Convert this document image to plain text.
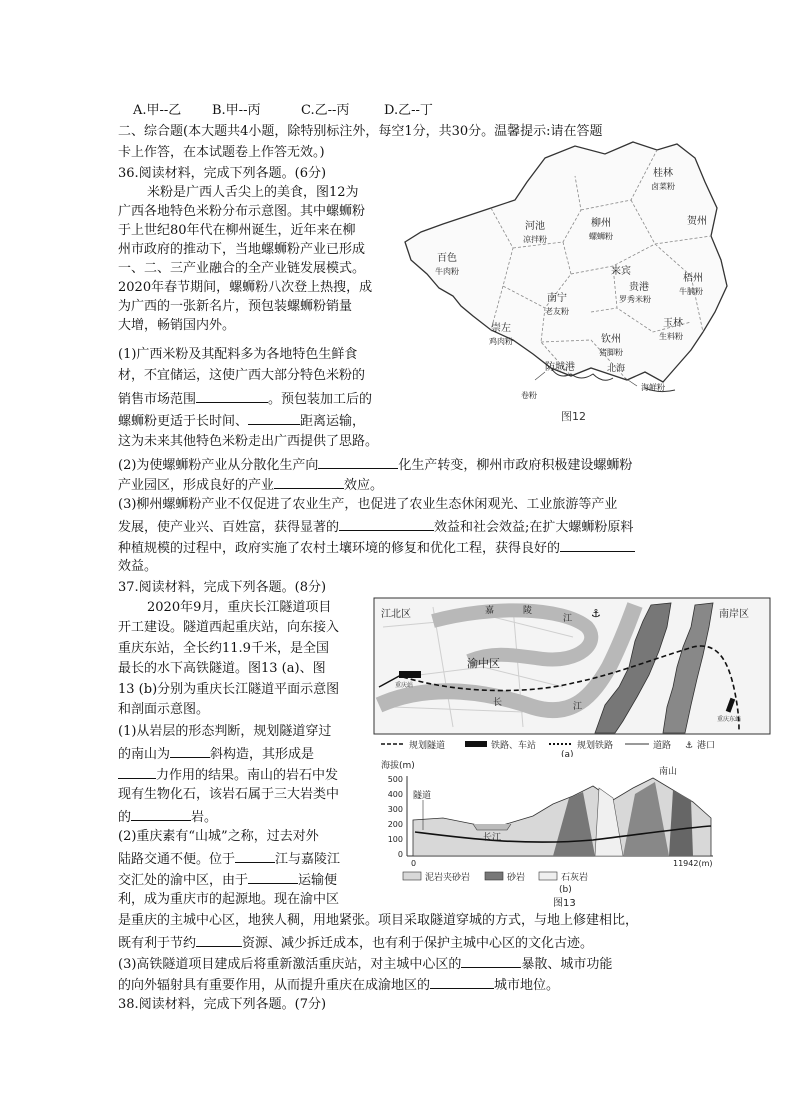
A.甲--乙 B.甲--丙	C.乙--丙	D.乙--丁
二、综合题(本大题共4小题，除特别标注外，每空1分，共30分。温馨提示:请在答题
卡上作答，在本试题卷上作答无效。)
36.阅读材料，完成下列各题。(6分)
米粉是广西人舌尖上的美食，图12为
广西各地特色米粉分布示意图。其中螺蛳粉
于上世纪80年代在柳州诞生，近年来在柳
州市政府的推动下，当地螺蛳粉产业已形成
一、二、三产业融合的全产业链发展模式。
2020年春节期间，螺蛳粉八次登上热搜，成
为广西的一张新名片，预包装螺蛳粉销量
大增，畅销国内外。
(1)广西米粉及其配料多为各地特色生鲜食
材，不宜储运，这使广西大部分特色米粉的
销售市场范围	。预包装加工后的
螺蛳粉更适于长时间、	距离运输，
这为未来其他特色米粉走出广西提供了思路。
(2)为使螺蛳粉产业从分散化生产向	化生产转变，柳州市政府积极建设螺蛳粉
产业园区，形成良好的产业	效应。
(3)柳州螺蛳粉产业不仅促进了农业生产，也促进了农业生态休闲观光、工业旅游等产业
发展，使产业兴、百姓富，获得显著的	效益和社会效益;在扩大螺蛳粉原料
种植规模的过程中，政府实施了农村土壤环境的修复和优化工程，获得良好的
效益。
桂林
卤菜粉
河池
凉拌粉
柳州
螺蛳粉
贺州
百色
牛肉粉	来宾
贵港
罗秀米粉
梧州
牛腩粉
南宁
老友粉
玉林
生料粉
崇左
鸡肉粉	钦州
猪脚粉
防城港	北海
卷粉
海鲜粉
图12
37.阅读材料，完成下列各题。(8分)
2020年9月，重庆长江隧道项目
开工建设。隧道西起重庆站，向东接入
重庆东站，全长约11.9千米，是全国
最长的水下高铁隧道。图13 (a)、图
13 (b)分别为重庆长江隧道平面示意图
和剖面示意图。
(1)从岩层的形态判断，规划隧道穿过
的南山为	斜构造，其形成是
力作用的结果。南山的岩石中发
现有生物化石，该岩石属于三大岩类中
的	岩。
(2)重庆素有“山城”之称，过去对外
陆路交通不便。位于	江与嘉陵江
交汇处的渝中区，由于	运输便
利，成为重庆市的起源地。现在渝中区
是重庆的主城中心区，地狭人稠，用地紧张。项目采取隧道穿城的方式，与地上修建相比，
既有利于节约	资源、减少拆迁成本，也有利于保护主城中心区的文化古迹。
(3)高铁隧道项目建成后将重新激活重庆站，对主城中心区的	暴散、城市功能
的向外辐射具有重要作用，从而提升重庆在成渝地区的	城市地位。
38.阅读材料，完成下列各题。(7分)
江北区
渝中区
南岸区
嘉	陵
江
长	江
重庆站
重庆东站
⚓
规划隧道	铁路、车站	规划铁路	道路 ⚓ 港口
(a)
海拔(m)
500
400
300
200
100
0
隧道
长江
南山
0	11942(m)
泥岩夹砂岩	砂岩	石灰岩
(b)
图13
